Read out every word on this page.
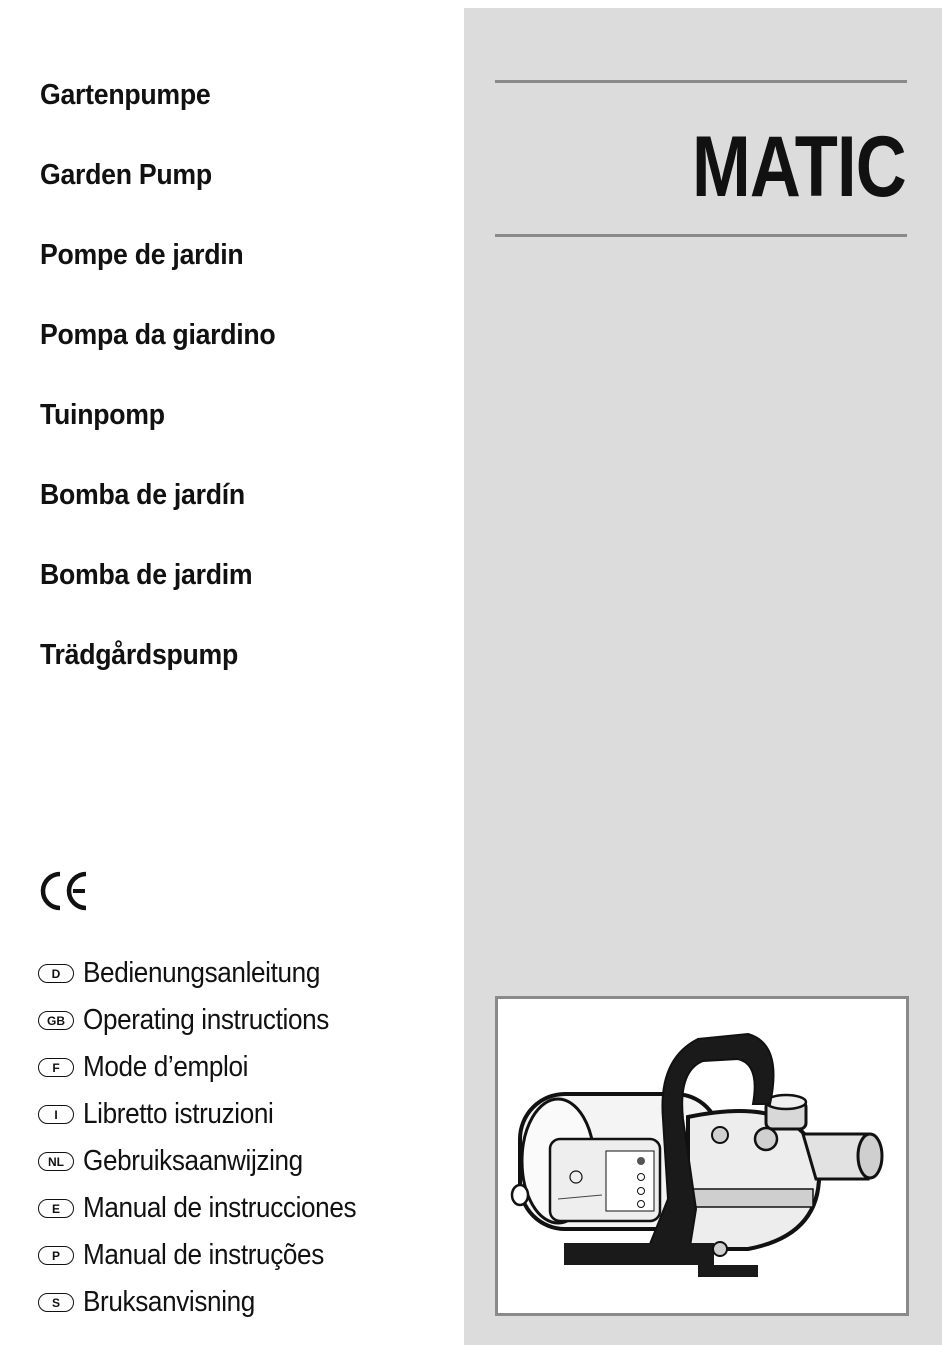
Gartenpumpe
Garden Pump
Pompe de jardin
Pompa da giardino
Tuinpomp
Bomba de jardín
Bomba de jardim
Trädgårdspump
D Bedienungsanleitung
GB Operating instructions
F Mode d’emploi
I Libretto istruzioni
NL Gebruiksaanwijzing
E Manual de instrucciones
P Manual de instruções
S Bruksanvisning
MATIC
